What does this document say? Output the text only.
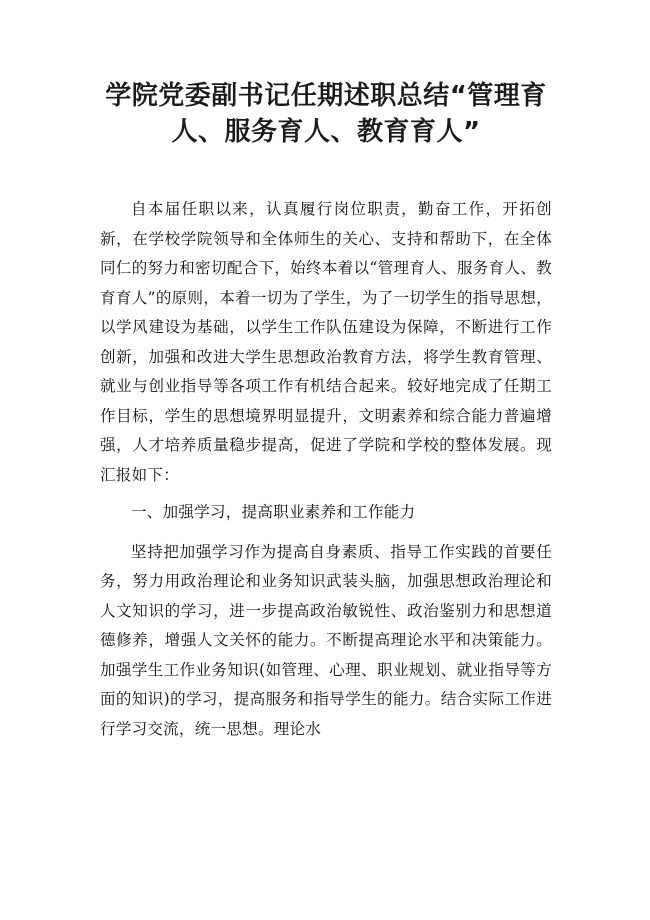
学院党委副书记任期述职总结“管理育
人、服务育人、教育育人”

自本届任职以来，认真履行岗位职责，勤奋工作，开拓创新，在学校学院领导和全体师生的关心、支持和帮助下，在全体同仁的努力和密切配合下，始终本着以“管理育人、服务育人、教育育人”的原则，本着一切为了学生，为了一切学生的指导思想，以学风建设为基础，以学生工作队伍建设为保障，不断进行工作创新，加强和改进大学生思想政治教育方法，将学生教育管理、就业与创业指导等各项工作有机结合起来。较好地完成了任期工作目标，学生的思想境界明显提升，文明素养和综合能力普遍增强，人才培养质量稳步提高，促进了学院和学校的整体发展。现汇报如下：

一、加强学习，提高职业素养和工作能力

坚持把加强学习作为提高自身素质、指导工作实践的首要任务，努力用政治理论和业务知识武装头脑，加强思想政治理论和人文知识的学习，进一步提高政治敏锐性、政治鉴别力和思想道德修养，增强人文关怀的能力。不断提高理论水平和决策能力。加强学生工作业务知识(如管理、心理、职业规划、就业指导等方面的知识)的学习，提高服务和指导学生的能力。结合实际工作进行学习交流，统一思想。理论水
